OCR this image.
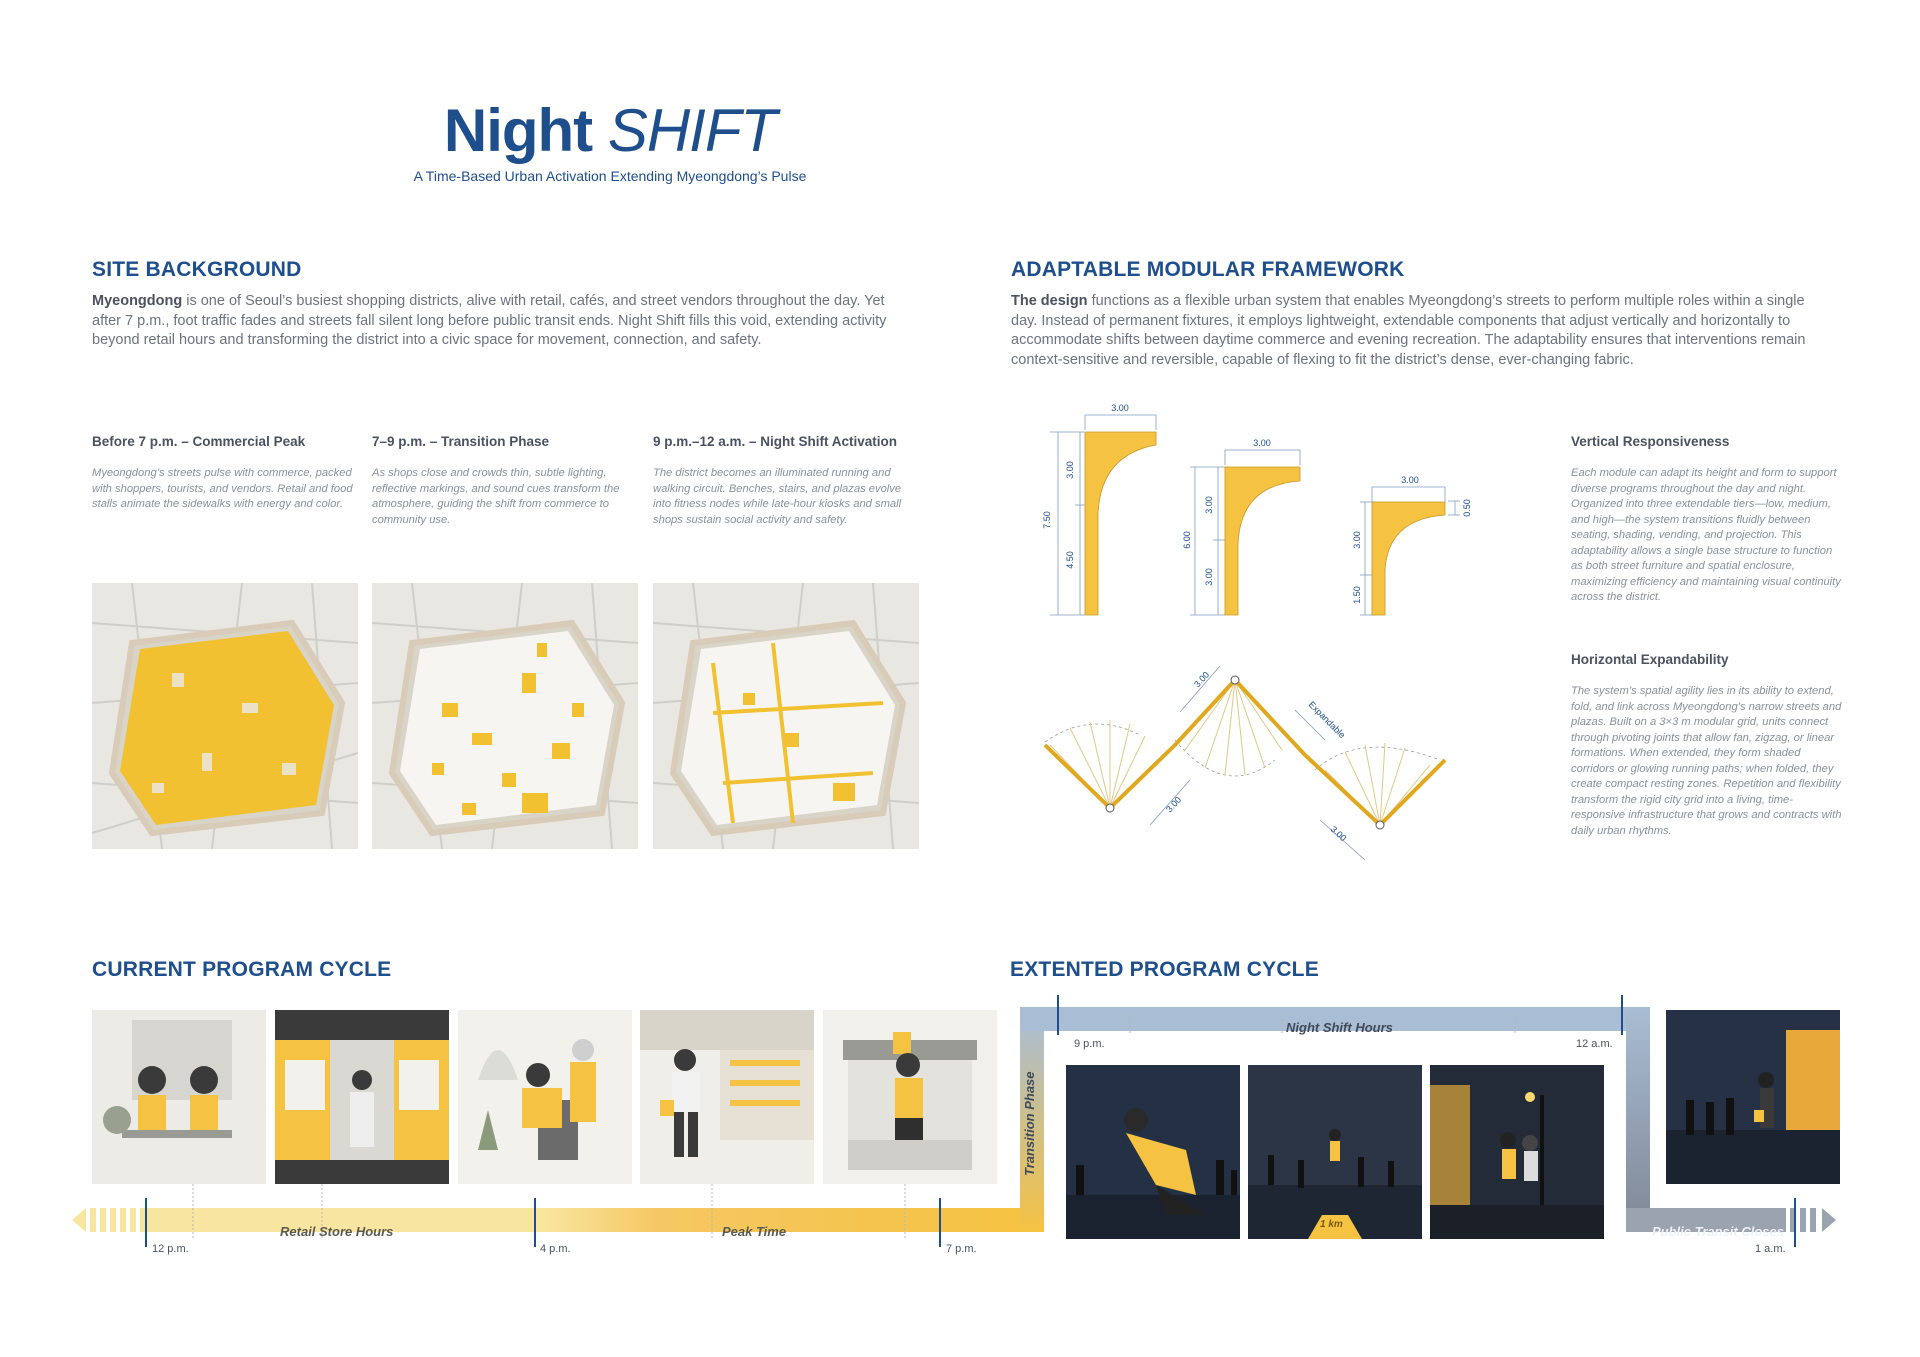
Night SHIFT
A Time-Based Urban Activation Extending Myeongdong’s Pulse
SITE BACKGROUND
Myeongdong is one of Seoul’s busiest shopping districts, alive with retail, cafés, and street vendors throughout the day. Yet after 7 p.m., foot traffic fades and streets fall silent long before public transit ends. Night Shift fills this void, extending activity beyond retail hours and transforming the district into a civic space for movement, connection, and safety.
ADAPTABLE MODULAR FRAMEWORK
The design functions as a flexible urban system that enables Myeongdong’s streets to perform multiple roles within a single day. Instead of permanent fixtures, it employs lightweight, extendable components that adjust vertically and horizontally to accommodate shifts between daytime commerce and evening recreation. The adaptability ensures that interventions remain context-sensitive and reversible, capable of flexing to fit the district’s dense, ever-changing fabric.
Before 7 p.m. – Commercial Peak
Myeongdong’s streets pulse with commerce, packed with shoppers, tourists, and vendors. Retail and food stalls animate the sidewalks with energy and color.
7–9 p.m. – Transition Phase
As shops close and crowds thin, subtle lighting, reflective markings, and sound cues transform the atmosphere, guiding the shift from commerce to community use.
9 p.m.–12 a.m. – Night Shift Activation
The district becomes an illuminated running and walking circuit. Benches, stairs, and plazas evolve into fitness nodes while late-hour kiosks and small shops sustain social activity and safety.
3.00
7.50
3.00
4.50
3.00
6.00
3.00
3.00
3.00
0.50
3.00
1.50
3.00
3.00
3.00
Expandable
Vertical Responsiveness
Each module can adapt its height and form to support diverse programs throughout the day and night. Organized into three extendable tiers—low, medium, and high—the system transitions fluidly between seating, shading, vending, and projection. This adaptability allows a single base structure to function as both street furniture and spatial enclosure, maximizing efficiency and maintaining visual continuity across the district.
Horizontal Expandability
The system’s spatial agility lies in its ability to extend, fold, and link across Myeongdong’s narrow streets and plazas. Built on a 3×3 m modular grid, units connect through pivoting joints that allow fan, zigzag, or linear formations. When extended, they form shaded corridors or glowing running paths; when folded, they create compact resting zones. Repetition and flexibility transform the rigid city grid into a living, time-responsive infrastructure that grows and contracts with daily urban rhythms.
CURRENT PROGRAM CYCLE	EXTENTED PROGRAM CYCLE
Retail Store Hours	Peak Time
Night Shift Hours
Public Transit Closes
Transition Phase
12 p.m.	4 p.m.	7 p.m.
9 p.m.	12 a.m.
1 a.m.
1 km
